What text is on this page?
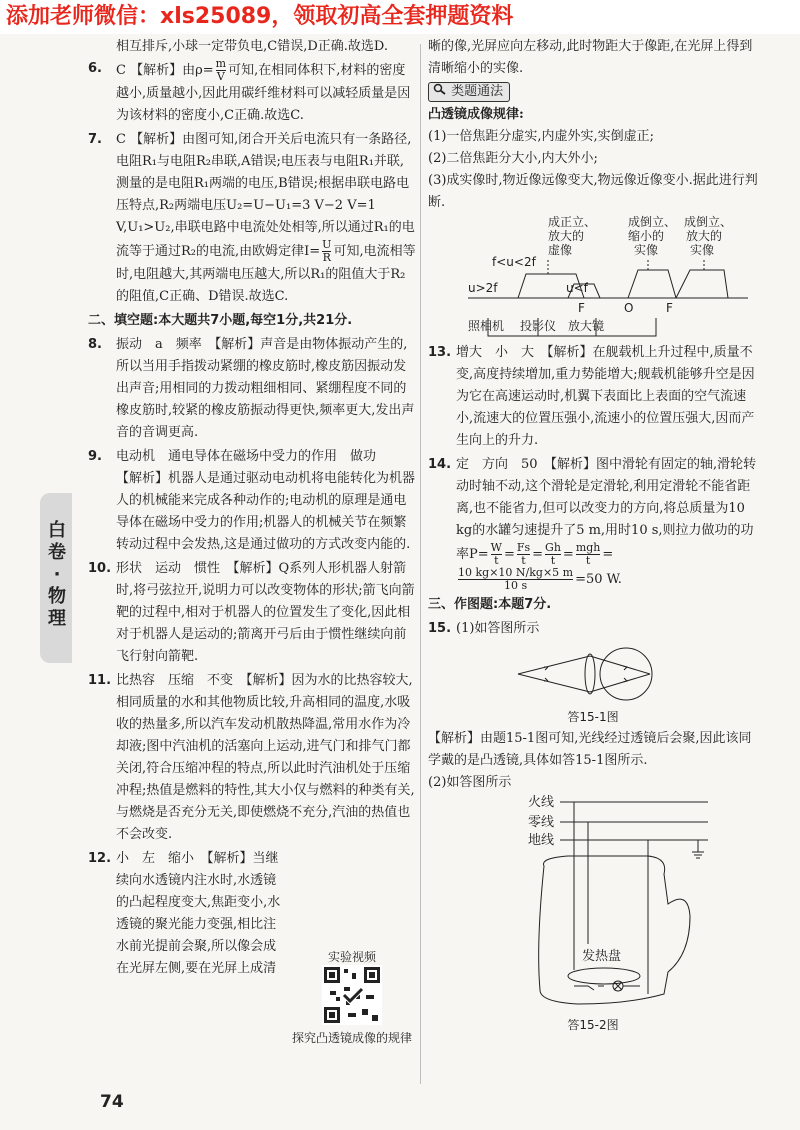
添加老师微信：xls25089，领取初高全套押题资料
白卷·物理

相互排斥,小球一定带负电,C错误,D正确.故选D.

6. C 【解析】由$\rho= \frac{m}{V}$ 可知,在相同体积下,材料的密度越小,质量越小,因此用碳纤维材料可以减轻质量是因为该材料的密度小,C正确.故选C.
7. C 【解析】由图可知,闭合开关后电流只有一条路径,电阻R₁与电阻R₂串联,A错误;电压表与电阻R₁并联,测量的是电阻R₁两端的电压,B错误;根据串联电路电压特点,R₂两端电压U₂=U−U₁=3 V−2 V=1 V,U₁>U₂,串联电路中电流处处相等,所以通过R₁的电流等于通过R₂的电流,由欧姆定律$I= \frac{U}{R}$ 可知,电流相等时,电阻越大,其两端电压越大,所以R₁的阻值大于R₂的阻值,C正确、D错误.故选C.

二、填空题:本大题共7小题,每空1分,共21分.

8. 振动　a　频率　【解析】声音是由物体振动产生的,所以当用手指拨动紧绷的橡皮筋时,橡皮筋因振动发出声音;用相同的力拨动粗细相同、紧绷程度不同的橡皮筋时,较紧的橡皮筋振动得更快,频率更大,发出声音的音调更高.
9. 电动机　通电导体在磁场中受力的作用　做功

【解析】机器人是通过驱动电动机将电能转化为机器人的机械能来完成各种动作的;电动机的原理是通电导体在磁场中受力的作用;机器人的机械关节在频繁转动过程中会发热,这是通过做功的方式改变内能的.

10. 形状　运动　惯性　【解析】Q系列人形机器人射箭时,将弓弦拉开,说明力可以改变物体的形状;箭飞向箭靶的过程中,相对于机器人的位置发生了变化,因此相对于机器人是运动的;箭离开弓后由于惯性继续向前飞行射向箭靶.
11. 比热容　压缩　不变　【解析】因为水的比热容较大,相同质量的水和其他物质比较,升高相同的温度,水吸收的热量多,所以汽车发动机散热降温,常用水作为冷却液;图中汽油机的活塞向上运动,进气门和排气门都关闭,符合压缩冲程的特点,所以此时汽油机处于压缩冲程;热值是燃料的特性,其大小仅与燃料的种类有关,与燃烧是否充分无关,即使燃烧不充分,汽油的热值也不会改变.
12. 小　左　缩小　【解析】当继续向水透镜内注水时,水透镜的凸起程度变大,焦距变小,水透镜的聚光能力变强,相比注水前光提前会聚,所以像会成在光屏左侧,要在光屏上成清
实验视频
探究凸透镜成像的规律

晰的像,光屏应向左移动,此时物距大于像距,在光屏上得到清晰缩小的实像.

类题通法

凸透镜成像规律:

(1)一倍焦距分虚实,内虚外实,实倒虚正;

(2)二倍焦距分大小,内大外小;

(3)成实像时,物近像远像变大,物远像近像变小.据此进行判断.

成正立、
放大的
虚像
成倒立、
缩小的
实像
成倒立、
放大的
实像
f<u<2f
u>2f	u<f
F	O	F
照相机 投影仪 放大镜
13. 增大　小　大　【解析】在舰载机上升过程中,质量不变,高度持续增加,重力势能增大;舰载机能够升空是因为它在高速运动时,机翼下表面比上表面的空气流速小,流速大的位置压强小,流速小的位置压强大,因而产生向上的升力.
14. 定　方向　50　【解析】图中滑轮有固定的轴,滑轮转动时轴不动,这个滑轮是定滑轮,利用定滑轮不能省距离,也不能省力,但可以改变力的方向,将总质量为10 kg的水罐匀速提升了5 m,用时10 s,则拉力做功的功率$P= \frac{W}{t} = \frac{Fs}{t} = \frac{Gh}{t} = \frac{\text{mgh}}{t}$ =

$\frac{10 kg\times 10 N/kg\times 5 m}{10 s} =50$ W.

三、作图题:本题7分.

15. (1)如答图所示

答15-1图

【解析】由题15-1图可知,光线经过透镜后会聚,因此该同学戴的是凸透镜,具体如答15-1图所示.

(2)如答图所示

火线
零线
地线
发热盘

答15-2图

74
